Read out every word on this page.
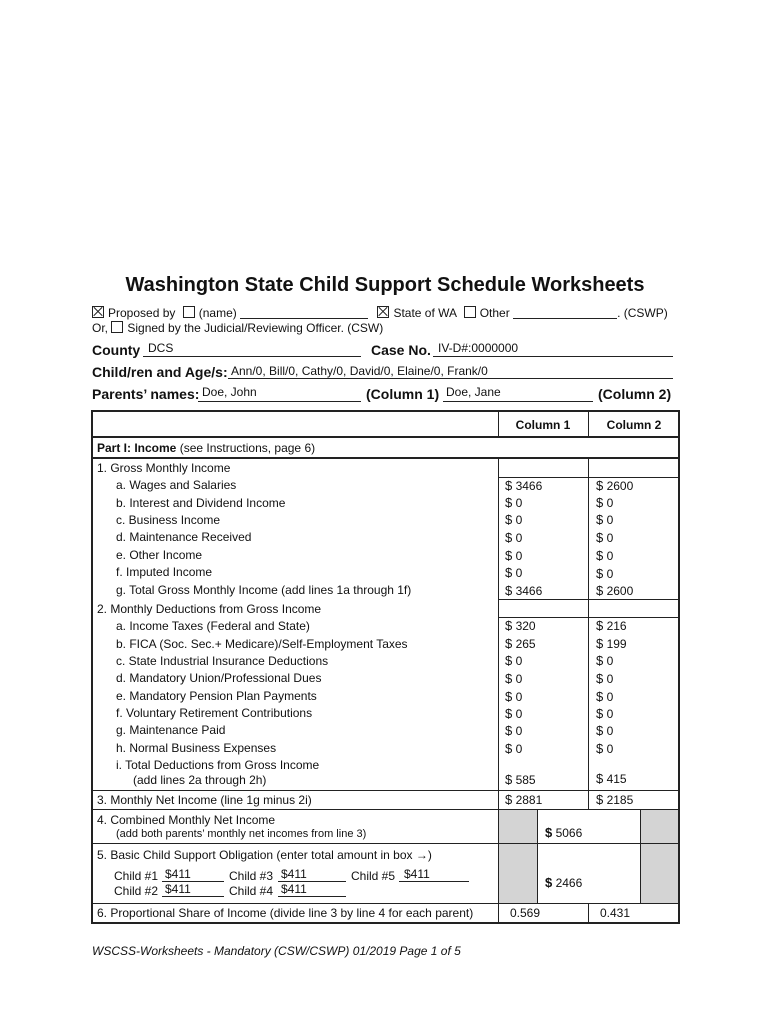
Washington State Child Support Schedule Worksheets
Proposed by (name)	State of WA Other	. (CSWP)
Or, Signed by the Judicial/Reviewing Officer. (CSW)
County DCS	Case No. IV-D#:0000000
Child/ren and Age/s: Ann/0, Bill/0, Cathy/0, David/0, Elaine/0, Frank/0
Parents’ names: Doe, John	(Column 1) Doe, Jane	(Column 2)
Column 1	Column 2
Part I: Income (see Instructions, page 6)
1. Gross Monthly Income
a. Wages and Salaries	$ 3466	$ 2600
b. Interest and Dividend Income	$ 0	$ 0
c. Business Income	$ 0	$ 0
d. Maintenance Received	$ 0	$ 0
e. Other Income	$ 0	$ 0
f. Imputed Income	$ 0	$ 0
g. Total Gross Monthly Income (add lines 1a through 1f)	$ 3466	$ 2600
2. Monthly Deductions from Gross Income
a. Income Taxes (Federal and State)	$ 320	$ 216
b. FICA (Soc. Sec.+ Medicare)/Self-Employment Taxes	$ 265	$ 199
c. State Industrial Insurance Deductions	$ 0	$ 0
d. Mandatory Union/Professional Dues	$ 0	$ 0
e. Mandatory Pension Plan Payments	$ 0	$ 0
f. Voluntary Retirement Contributions	$ 0	$ 0
g. Maintenance Paid	$ 0	$ 0
h. Normal Business Expenses	$ 0	$ 0
i. Total Deductions from Gross Income
(add lines 2a through 2h)	$ 585	$ 415
3. Monthly Net Income (line 1g minus 2i)	$ 2881	$ 2185
4. Combined Monthly Net Income
(add both parents’ monthly net incomes from line 3)	$ 5066
5. Basic Child Support Obligation (enter total amount in box →)
Child #1 $411
Child #2 $411
Child #3 $411
Child #4 $411
Child #5 $411
$ 2466
6. Proportional Share of Income (divide line 3 by line 4 for each parent)	0.569	0.431
WSCSS-Worksheets - Mandatory (CSW/CSWP) 01/2019 Page 1 of 5
